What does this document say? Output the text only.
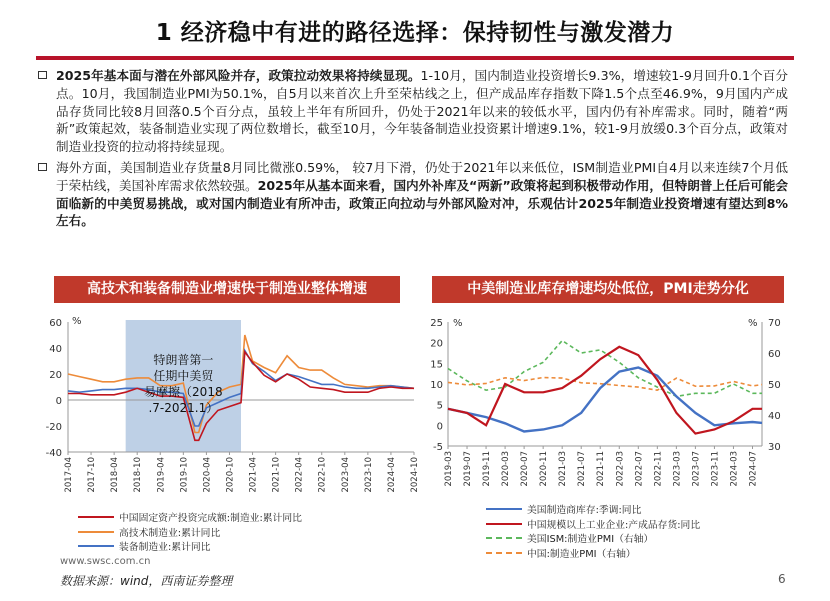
1 经济稳中有进的路径选择：保持韧性与激发潜力
2025年基本面与潜在外部风险并存，政策拉动效果将持续显现。1-10月，国内制造业投资增长9.3%，增速较1-9月回升0.1个百分点。10月，我国制造业PMI为50.1%，自5月以来首次上升至荣枯线之上，但产成品库存指数下降1.5个点至46.9%，9月国内产成品存货同比较8月回落0.5个百分点，虽较上半年有所回升，仍处于2021年以来的较低水平，国内仍有补库需求。同时，随着“两新”政策起效，装备制造业实现了两位数增长，截至10月，今年装备制造业投资累计增速9.1%，较1-9月放缓0.3个百分点，政策对制造业投资的拉动将持续显现。
海外方面，美国制造业存货量8月同比微涨0.59%， 较7月下滑，仍处于2021年以来低位，ISM制造业PMI自4月以来连续7个月低于荣枯线，美国补库需求依然较强。2025年从基本面来看，国内外补库及“两新”政策将起到积极带动作用，但特朗普上任后可能会面临新的中美贸易挑战，或对国内制造业有所冲击，政策正向拉动与外部风险对冲，乐观估计2025年制造业投资增速有望达到8%左右。
高技术和装备制造业增速快于制造业整体增速	中美制造业库存增速均处低位，PMI走势分化
%
60
40
20
0
-20
-40
2017-04 2017-10 2018-04 2018-10 2019-04 2019-10 2020-04 2020-10 2021-04 2021-10 2022-04 2022-10 2023-04 2023-10 2024-04 2024-10
特朗普第一
任期中美贸
易摩擦（2018
.7-2021.1）
%	%
25
20
15
10
5
0
-5
70
60
50
40
30
2019-03 2019-07 2019-11 2020-03 2020-07 2020-11 2021-03 2021-07 2021-11 2022-03 2022-07 2022-11 2023-03 2023-07 2023-11 2024-03 2024-07
中国固定资产投资完成额:制造业:累计同比
高技术制造业:累计同比
装备制造业:累计同比
美国制造商库存:季调:同比
中国规模以上工业企业:产成品存货:同比
美国ISM:制造业PMI（右轴）
中国:制造业PMI（右轴）
www.swsc.com.cn
数据来源：wind，西南证券整理	6
